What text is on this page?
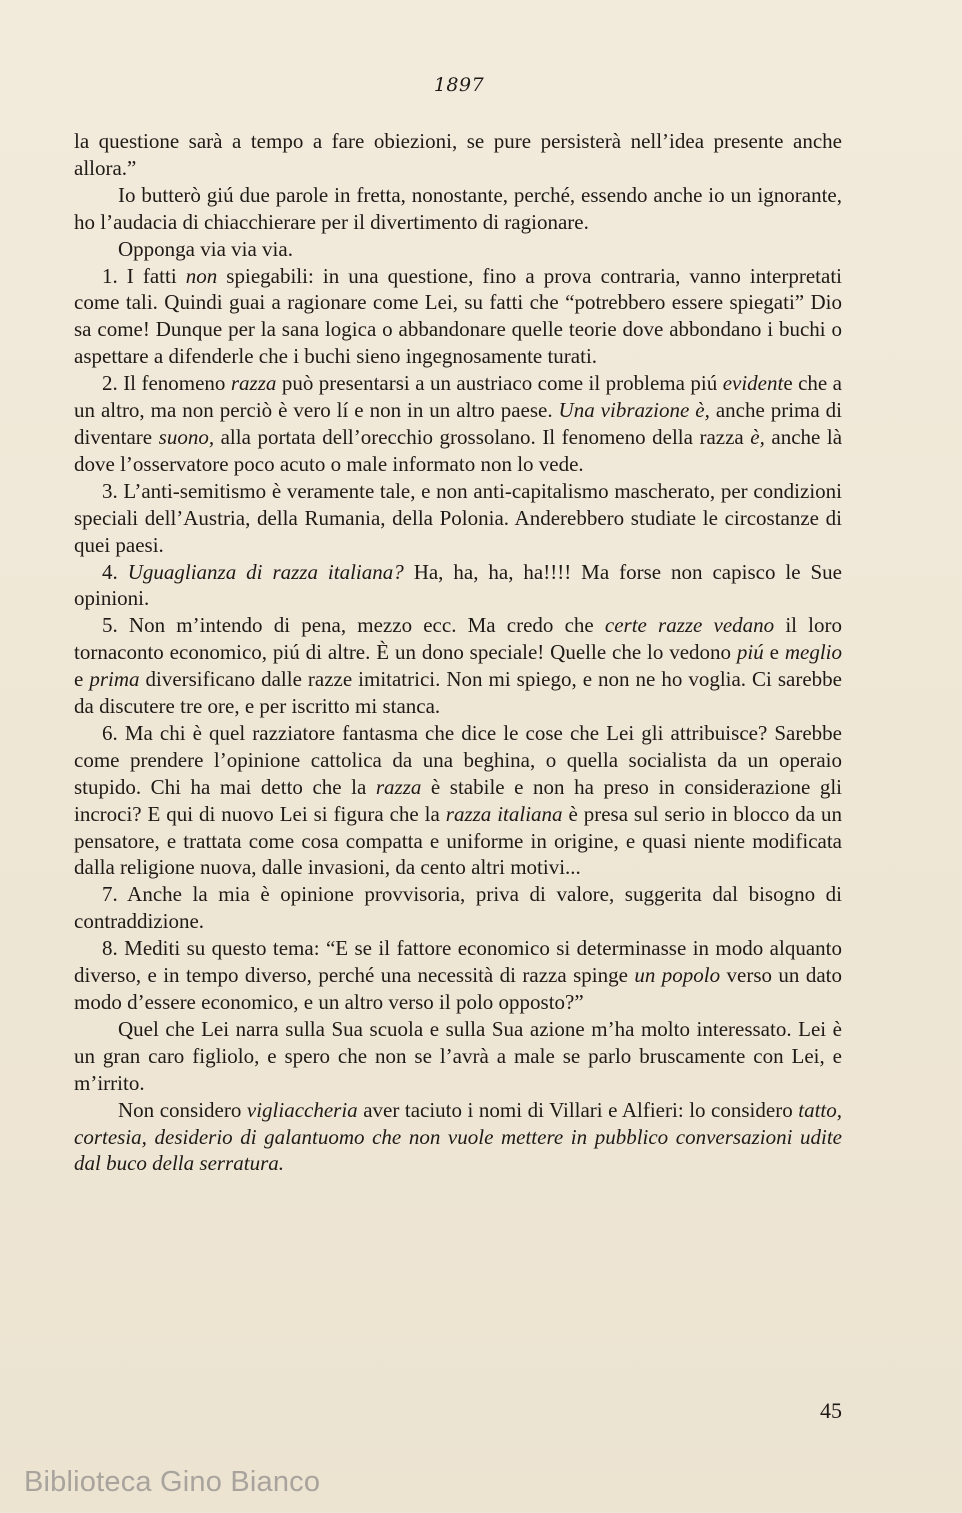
1897

la questione sarà a tempo a fare obiezioni, se pure persisterà nell’idea presente anche allora.”

Io butterò giú due parole in fretta, nonostante, perché, essendo anche io un ignorante, ho l’audacia di chiacchierare per il divertimento di ragionare.

Opponga via via via.

1. I fatti non spiegabili: in una questione, fino a prova contraria, vanno interpretati come tali. Quindi guai a ragionare come Lei, su fatti che “potrebbero essere spiegati” Dio sa come! Dunque per la sana logica o abbandonare quelle teorie dove abbondano i buchi o aspettare a difenderle che i buchi sieno ingegnosamente turati.

2. Il fenomeno razza può presentarsi a un austriaco come il problema piú evidente che a un altro, ma non perciò è vero lí e non in un altro paese. Una vibrazione è, anche prima di diventare suono, alla portata dell’orecchio grossolano. Il fenomeno della razza è, anche là dove l’osservatore poco acuto o male informato non lo vede.

3. L’anti-semitismo è veramente tale, e non anti-capitalismo mascherato, per condizioni speciali dell’Austria, della Rumania, della Polonia. Anderebbero studiate le circostanze di quei paesi.

4. Uguaglianza di razza italiana? Ha, ha, ha, ha!!!! Ma forse non capisco le Sue opinioni.

5. Non m’intendo di pena, mezzo ecc. Ma credo che certe razze vedano il loro tornaconto economico, piú di altre. È un dono speciale! Quelle che lo vedono piú e meglio e prima diversificano dalle razze imitatrici. Non mi spiego, e non ne ho voglia. Ci sarebbe da discutere tre ore, e per iscritto mi stanca.

6. Ma chi è quel razziatore fantasma che dice le cose che Lei gli attribuisce? Sarebbe come prendere l’opinione cattolica da una beghina, o quella socialista da un operaio stupido. Chi ha mai detto che la razza è stabile e non ha preso in considerazione gli incroci? E qui di nuovo Lei si figura che la razza italiana è presa sul serio in blocco da un pensatore, e trattata come cosa compatta e uniforme in origine, e quasi niente modificata dalla religione nuova, dalle invasioni, da cento altri motivi...

7. Anche la mia è opinione provvisoria, priva di valore, suggerita dal bisogno di contraddizione.

8. Mediti su questo tema: “E se il fattore economico si determinasse in modo alquanto diverso, e in tempo diverso, perché una necessità di razza spinge un popolo verso un dato modo d’essere economico, e un altro verso il polo opposto?”

Quel che Lei narra sulla Sua scuola e sulla Sua azione m’ha molto interessato. Lei è un gran caro figliolo, e spero che non se l’avrà a male se parlo bruscamente con Lei, e m’irrito.

Non considero vigliaccheria aver taciuto i nomi di Villari e Alfieri: lo considero tatto, cortesia, desiderio di galantuomo che non vuole mettere in pubblico conversazioni udite dal buco della serratura.

45
Biblioteca Gino Bianco
